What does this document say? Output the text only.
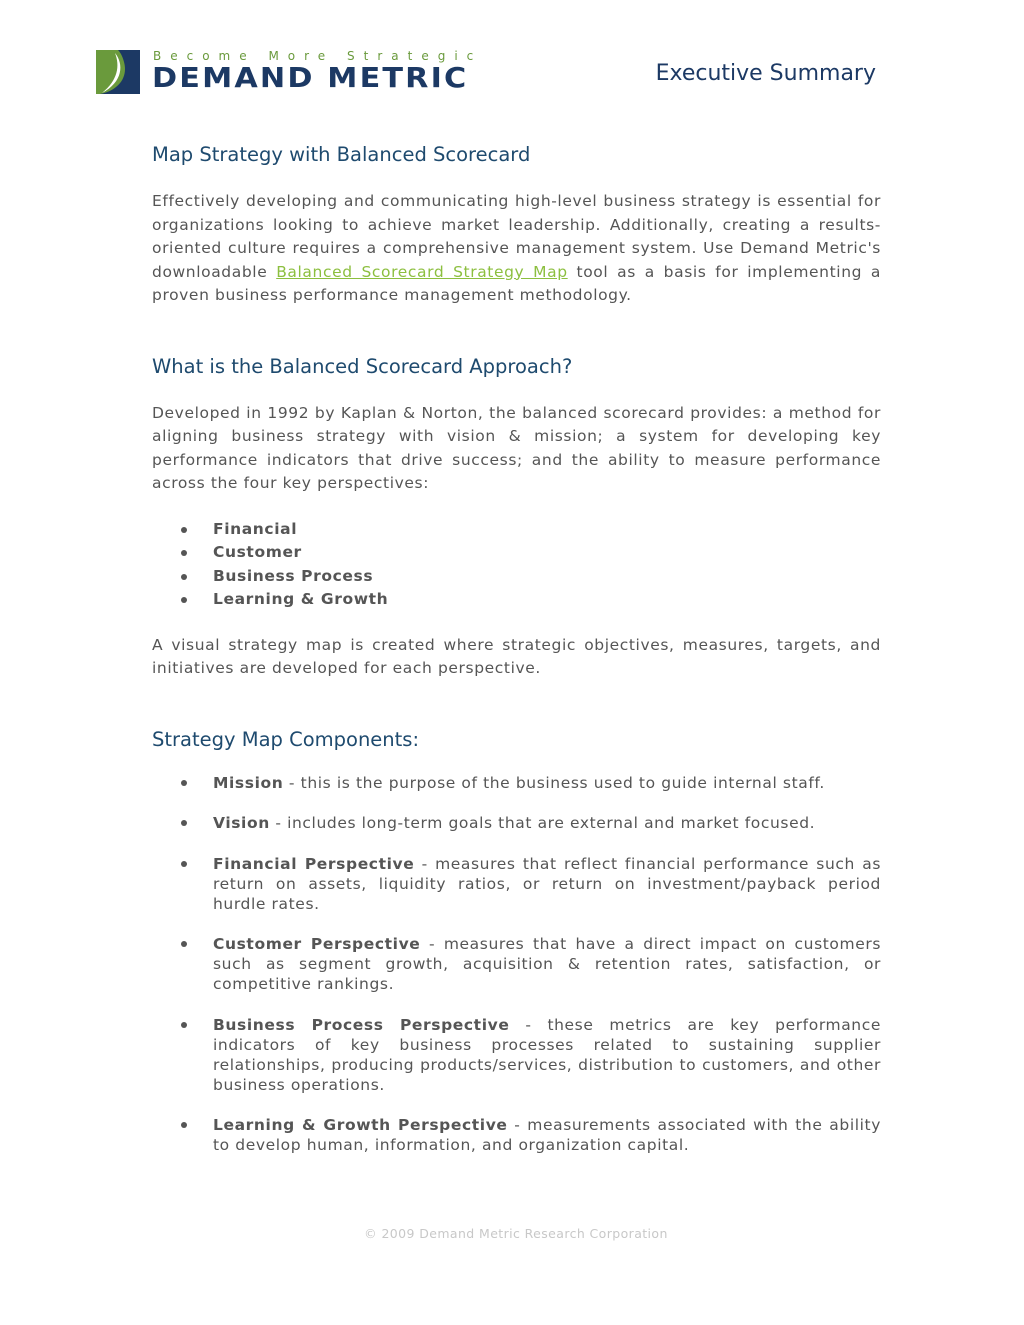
Become More Strategic
DEMAND METRIC	Executive Summary
Map Strategy with Balanced Scorecard

Effectively developing and communicating high-level business strategy is essential for organizations looking to achieve market leadership. Additionally, creating a results-oriented culture requires a comprehensive management system. Use Demand Metric's downloadable Balanced Scorecard Strategy Map tool as a basis for implementing a proven business performance management methodology.

What is the Balanced Scorecard Approach?

Developed in 1992 by Kaplan & Norton, the balanced scorecard provides: a method for aligning business strategy with vision & mission; a system for developing key performance indicators that drive success; and the ability to measure performance across the four key perspectives:

Financial
Customer
Business Process
Learning & Growth

A visual strategy map is created where strategic objectives, measures, targets, and initiatives are developed for each perspective.

Strategy Map Components:
Mission - this is the purpose of the business used to guide internal staff.
Vision - includes long-term goals that are external and market focused.
Financial Perspective - measures that reflect financial performance such as return on assets, liquidity ratios, or return on investment/payback period hurdle rates.
Customer Perspective - measures that have a direct impact on customers such as segment growth, acquisition & retention rates, satisfaction, or competitive rankings.
Business Process Perspective - these metrics are key performance indicators of key business processes related to sustaining supplier relationships, producing products/services, distribution to customers, and other business operations.
Learning & Growth Perspective - measurements associated with the ability to develop human, information, and organization capital.
© 2009 Demand Metric Research Corporation
